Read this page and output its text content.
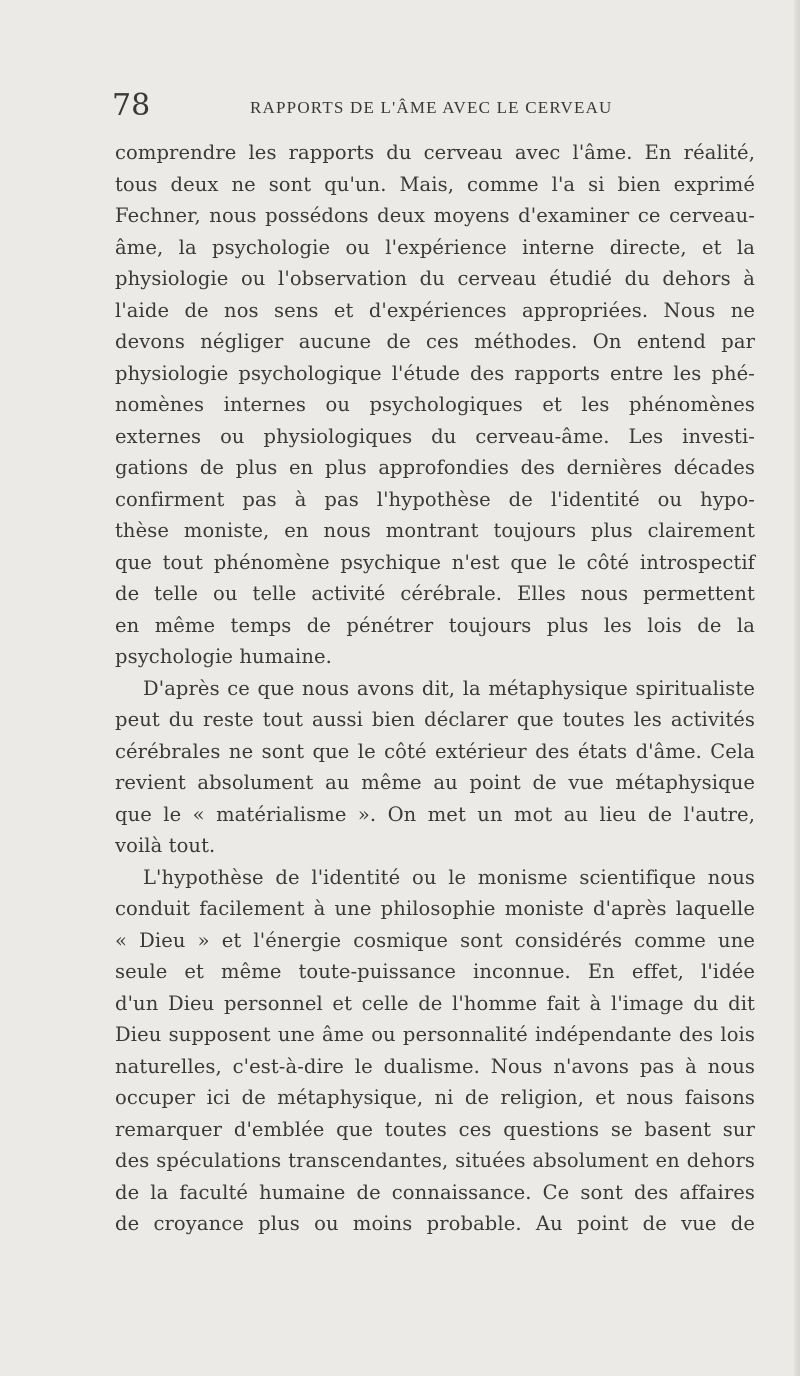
78	RAPPORTS DE L'ÂME AVEC LE CERVEAU
comprendre les rapports du cerveau avec l'âme. En réalité,
tous deux ne sont qu'un. Mais, comme l'a si bien exprimé
Fechner, nous possédons deux moyens d'examiner ce cerveau-
âme, la psychologie ou l'expérience interne directe, et la
physiologie ou l'observation du cerveau étudié du dehors à
l'aide de nos sens et d'expériences appropriées. Nous ne
devons négliger aucune de ces méthodes. On entend par
physiologie psychologique l'étude des rapports entre les phé-
nomènes internes ou psychologiques et les phénomènes
externes ou physiologiques du cerveau-âme. Les investi-
gations de plus en plus approfondies des dernières décades
confirment pas à pas l'hypothèse de l'identité ou hypo-
thèse moniste, en nous montrant toujours plus clairement
que tout phénomène psychique n'est que le côté introspectif
de telle ou telle activité cérébrale. Elles nous permettent
en même temps de pénétrer toujours plus les lois de la
psychologie humaine.
D'après ce que nous avons dit, la métaphysique spiritualiste
peut du reste tout aussi bien déclarer que toutes les activités
cérébrales ne sont que le côté extérieur des états d'âme. Cela
revient absolument au même au point de vue métaphysique
que le « matérialisme ». On met un mot au lieu de l'autre,
voilà tout.
L'hypothèse de l'identité ou le monisme scientifique nous
conduit facilement à une philosophie moniste d'après laquelle
« Dieu » et l'énergie cosmique sont considérés comme une
seule et même toute-puissance inconnue. En effet, l'idée
d'un Dieu personnel et celle de l'homme fait à l'image du dit
Dieu supposent une âme ou personnalité indépendante des lois
naturelles, c'est-à-dire le dualisme. Nous n'avons pas à nous
occuper ici de métaphysique, ni de religion, et nous faisons
remarquer d'emblée que toutes ces questions se basent sur
des spéculations transcendantes, situées absolument en dehors
de la faculté humaine de connaissance. Ce sont des affaires
de croyance plus ou moins probable. Au point de vue de
